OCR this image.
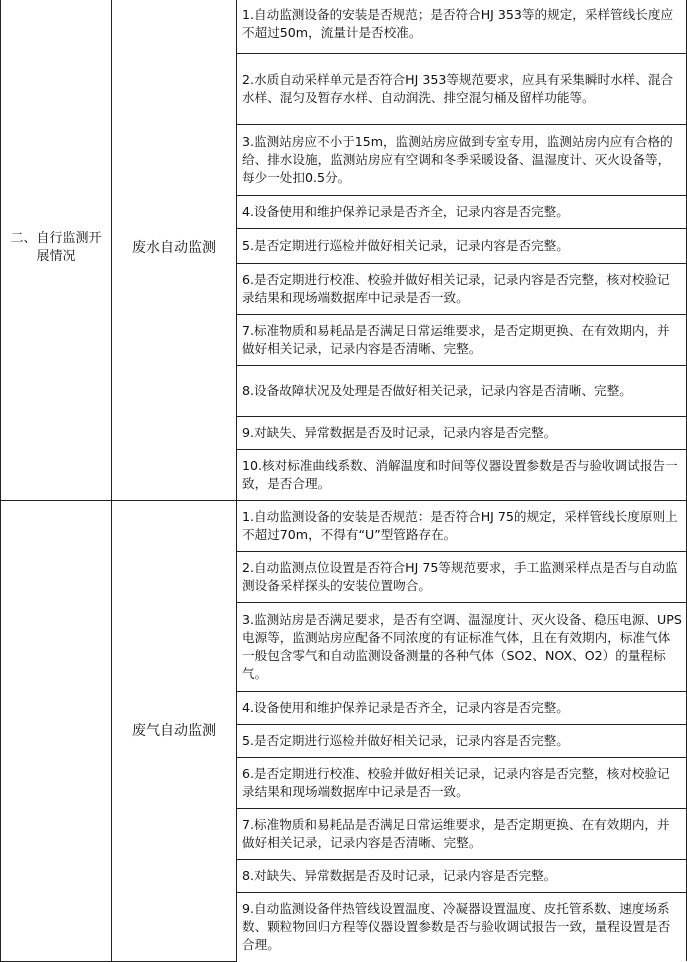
二、自行监测开展情况	废水自动监测	1.自动监测设备的安装是否规范；是否符合HJ 353等的规定，采样管线长度应不超过50m，流量计是否校准。
		2.水质自动采样单元是否符合HJ 353等规范要求，应具有采集瞬时水样、混合水样、混匀及暂存水样、自动润洗、排空混匀桶及留样功能等。
		3.监测站房应不小于15m，监测站房应做到专室专用，监测站房内应有合格的给、排水设施，监测站房应有空调和冬季采暖设备、温湿度计、灭火设备等，每少一处扣0.5分。
		4.设备使用和维护保养记录是否齐全，记录内容是否完整。
		5.是否定期进行巡检并做好相关记录，记录内容是否完整。
		6.是否定期进行校准、校验并做好相关记录，记录内容是否完整，核对校验记录结果和现场端数据库中记录是否一致。
		7.标准物质和易耗品是否满足日常运维要求，是否定期更换、在有效期内，并做好相关记录，记录内容是否清晰、完整。
		8.设备故障状况及处理是否做好相关记录，记录内容是否清晰、完整。
		9.对缺失、异常数据是否及时记录，记录内容是否完整。
		10.核对标准曲线系数、消解温度和时间等仪器设置参数是否与验收调试报告一致，是否合理。
	废气自动监测	1.自动监测设备的安装是否规范：是否符合HJ 75的规定，采样管线长度原则上不超过70m，不得有“U”型管路存在。
		2.自动监测点位设置是否符合HJ 75等规范要求，手工监测采样点是否与自动监测设备采样探头的安装位置吻合。
		3.监测站房是否满足要求，是否有空调、温湿度计、灭火设备、稳压电源、UPS电源等，监测站房应配备不同浓度的有证标准气体，且在有效期内，标准气体一般包含零气和自动监测设备测量的各种气体（SO2、NOX、O2）的量程标气。
		4.设备使用和维护保养记录是否齐全，记录内容是否完整。
		5.是否定期进行巡检并做好相关记录，记录内容是否完整。
		6.是否定期进行校准、校验并做好相关记录，记录内容是否完整，核对校验记录结果和现场端数据库中记录是否一致。
		7.标准物质和易耗品是否满足日常运维要求，是否定期更换、在有效期内，并做好相关记录，记录内容是否清晰、完整。
		8.对缺失、异常数据是否及时记录，记录内容是否完整。
		9.自动监测设备伴热管线设置温度、冷凝器设置温度、皮托管系数、速度场系数、颗粒物回归方程等仪器设置参数是否与验收调试报告一致，量程设置是否合理。
